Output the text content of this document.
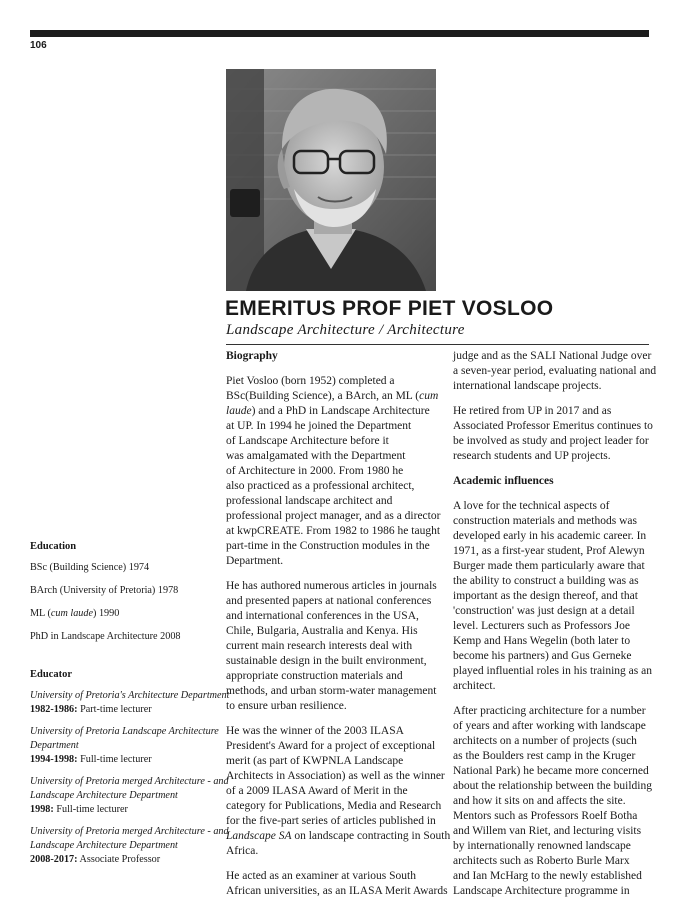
106
EMERITUS PROF PIET VOSLOO
Landscape Architecture / Architecture
Education
BSc (Building Science) 1974
BArch (University of Pretoria) 1978
ML (cum laude) 1990
PhD in Landscape Architecture 2008
Educator
University of Pretoria's Architecture Department
1982-1986: Part-time lecturer
University of Pretoria Landscape Architecture
Department
1994-1998: Full-time lecturer
University of Pretoria merged Architecture - and
Landscape Architecture Department
1998: Full-time lecturer
University of Pretoria merged Architecture - and
Landscape Architecture Department
2008-2017: Associate Professor
Biography

Piet Vosloo (born 1952) completed a
BSc(Building Science), a BArch, an ML (cum
laude) and a PhD in Landscape Architecture
at UP. In 1994 he joined the Department
of Landscape Architecture before it
was amalgamated with the Department
of Architecture in 2000. From 1980 he
also practiced as a professional architect,
professional landscape architect and
professional project manager, and as a director
at kwpCREATE. From 1982 to 1986 he taught
part-time in the Construction modules in the
Department.

He has authored numerous articles in journals
and presented papers at national conferences
and international conferences in the USA,
Chile, Bulgaria, Australia and Kenya. His
current main research interests deal with
sustainable design in the built environment,
appropriate construction materials and
methods, and urban storm-water management
to ensure urban resilience.

He was the winner of the 2003 ILASA
President's Award for a project of exceptional
merit (as part of KWPNLA Landscape
Architects in Association) as well as the winner
of a 2009 ILASA Award of Merit in the
category for Publications, Media and Research
for the five-part series of articles published in
Landscape SA on landscape contracting in South
Africa.

He acted as an examiner at various South
African universities, as an ILASA Merit Awards

judge and as the SALI National Judge over
a seven-year period, evaluating national and
international landscape projects.

He retired from UP in 2017 and as
Associated Professor Emeritus continues to
be involved as study and project leader for
research students and UP projects.

Academic influences

A love for the technical aspects of
construction materials and methods was
developed early in his academic career. In
1971, as a first-year student, Prof Alewyn
Burger made them particularly aware that
the ability to construct a building was as
important as the design thereof, and that
'construction' was just design at a detail
level. Lecturers such as Professors Joe
Kemp and Hans Wegelin (both later to
become his partners) and Gus Gerneke
played influential roles in his training as an
architect.

After practicing architecture for a number
of years and after working with landscape
architects on a number of projects (such
as the Boulders rest camp in the Kruger
National Park) he became more concerned
about the relationship between the building
and how it sits on and affects the site.
Mentors such as Professors Roelf Botha
and Willem van Riet, and lecturing visits
by internationally renowned landscape
architects such as Roberto Burle Marx
and Ian McHarg to the newly established
Landscape Architecture programme in
